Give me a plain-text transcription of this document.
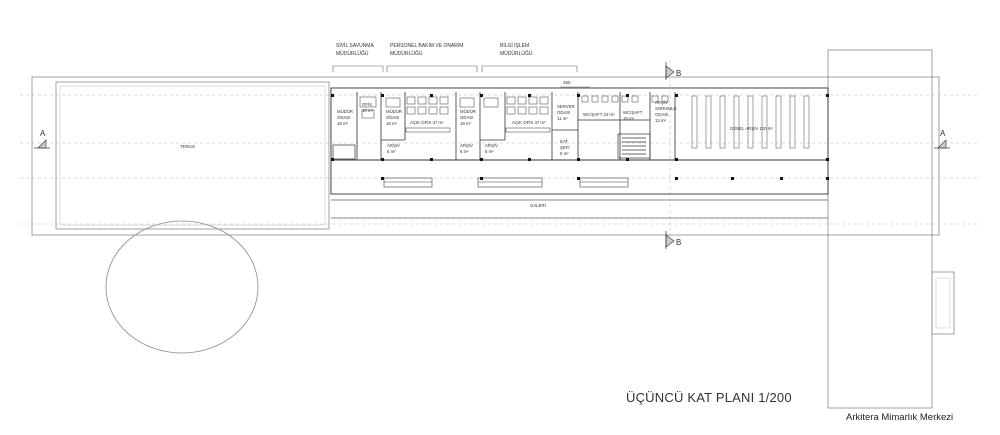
A	A
B
B
SİVİL SAVUNMA
MÜDÜRLÜĞÜ
PERSONEL BAKIM VE ONARIM
MÜDÜRLÜĞÜ
BİLGİ İŞLEM
MÜDÜRLÜĞÜ
260
TERAS
MÜDÜR
ODASI
18 m²
OFİS
10 m²	MÜDÜR
ODASI
18 m²	AÇIK OFİS 47 m²
MÜDÜR
ODASI
18 m²	AÇIK OFİS 47 m²
SERVER
ODASI
11 m²
WC/ŞAFT 24 m²
KAT
ŞEFİ
5 m²
WC/ŞAFT
15 m²
ARŞİV
SORUMLU
ODASI
13 m²
GENEL ARŞİV 100 m²
ARŞİV
6 m²
ARŞİV
6 m²
ARŞİV
6 m²
GALERİ
ÜÇÜNCÜ KAT PLANI 1/200
Arkitera Mimarlık Merkezi
